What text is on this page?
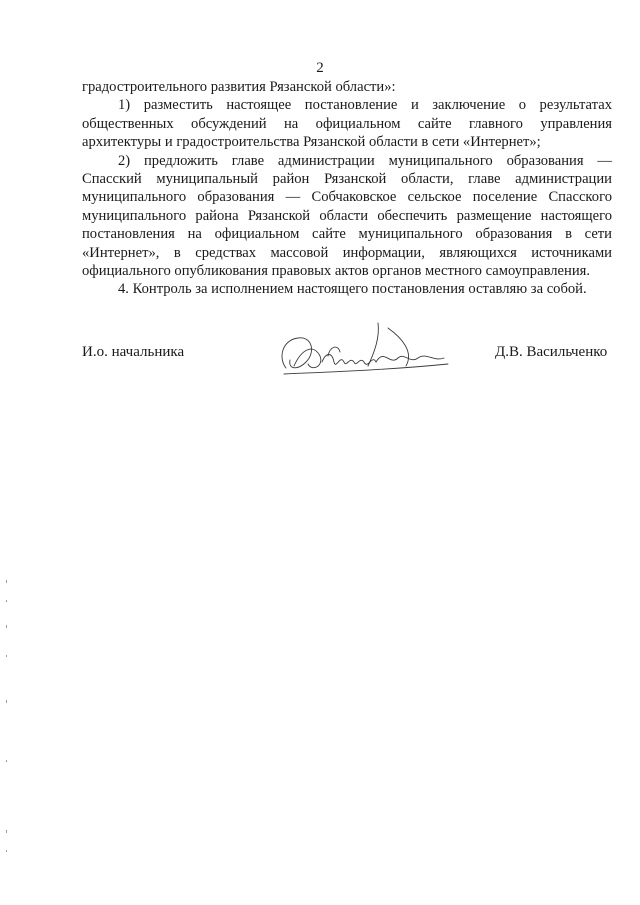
2

градостроительного развития Рязанской области»:

1) разместить настоящее постановление и заключение о результатах общественных обсуждений на официальном сайте главного управления архитектуры и градостроительства Рязанской области в сети «Интернет»;

2) предложить главе администрации муниципального образования — Спасский муниципальный район Рязанской области, главе администрации муниципального образования — Собчаковское сельское поселение Спасского муниципального района Рязанской области обеспечить размещение настоящего постановления на официальном сайте муниципального образования в сети «Интернет», в средствах массовой информации, являющихся источниками официального опубликования правовых актов органов местного самоуправления.

4. Контроль за исполнением настоящего постановления оставляю за собой.

И.о. начальника	Д.В. Васильченко
